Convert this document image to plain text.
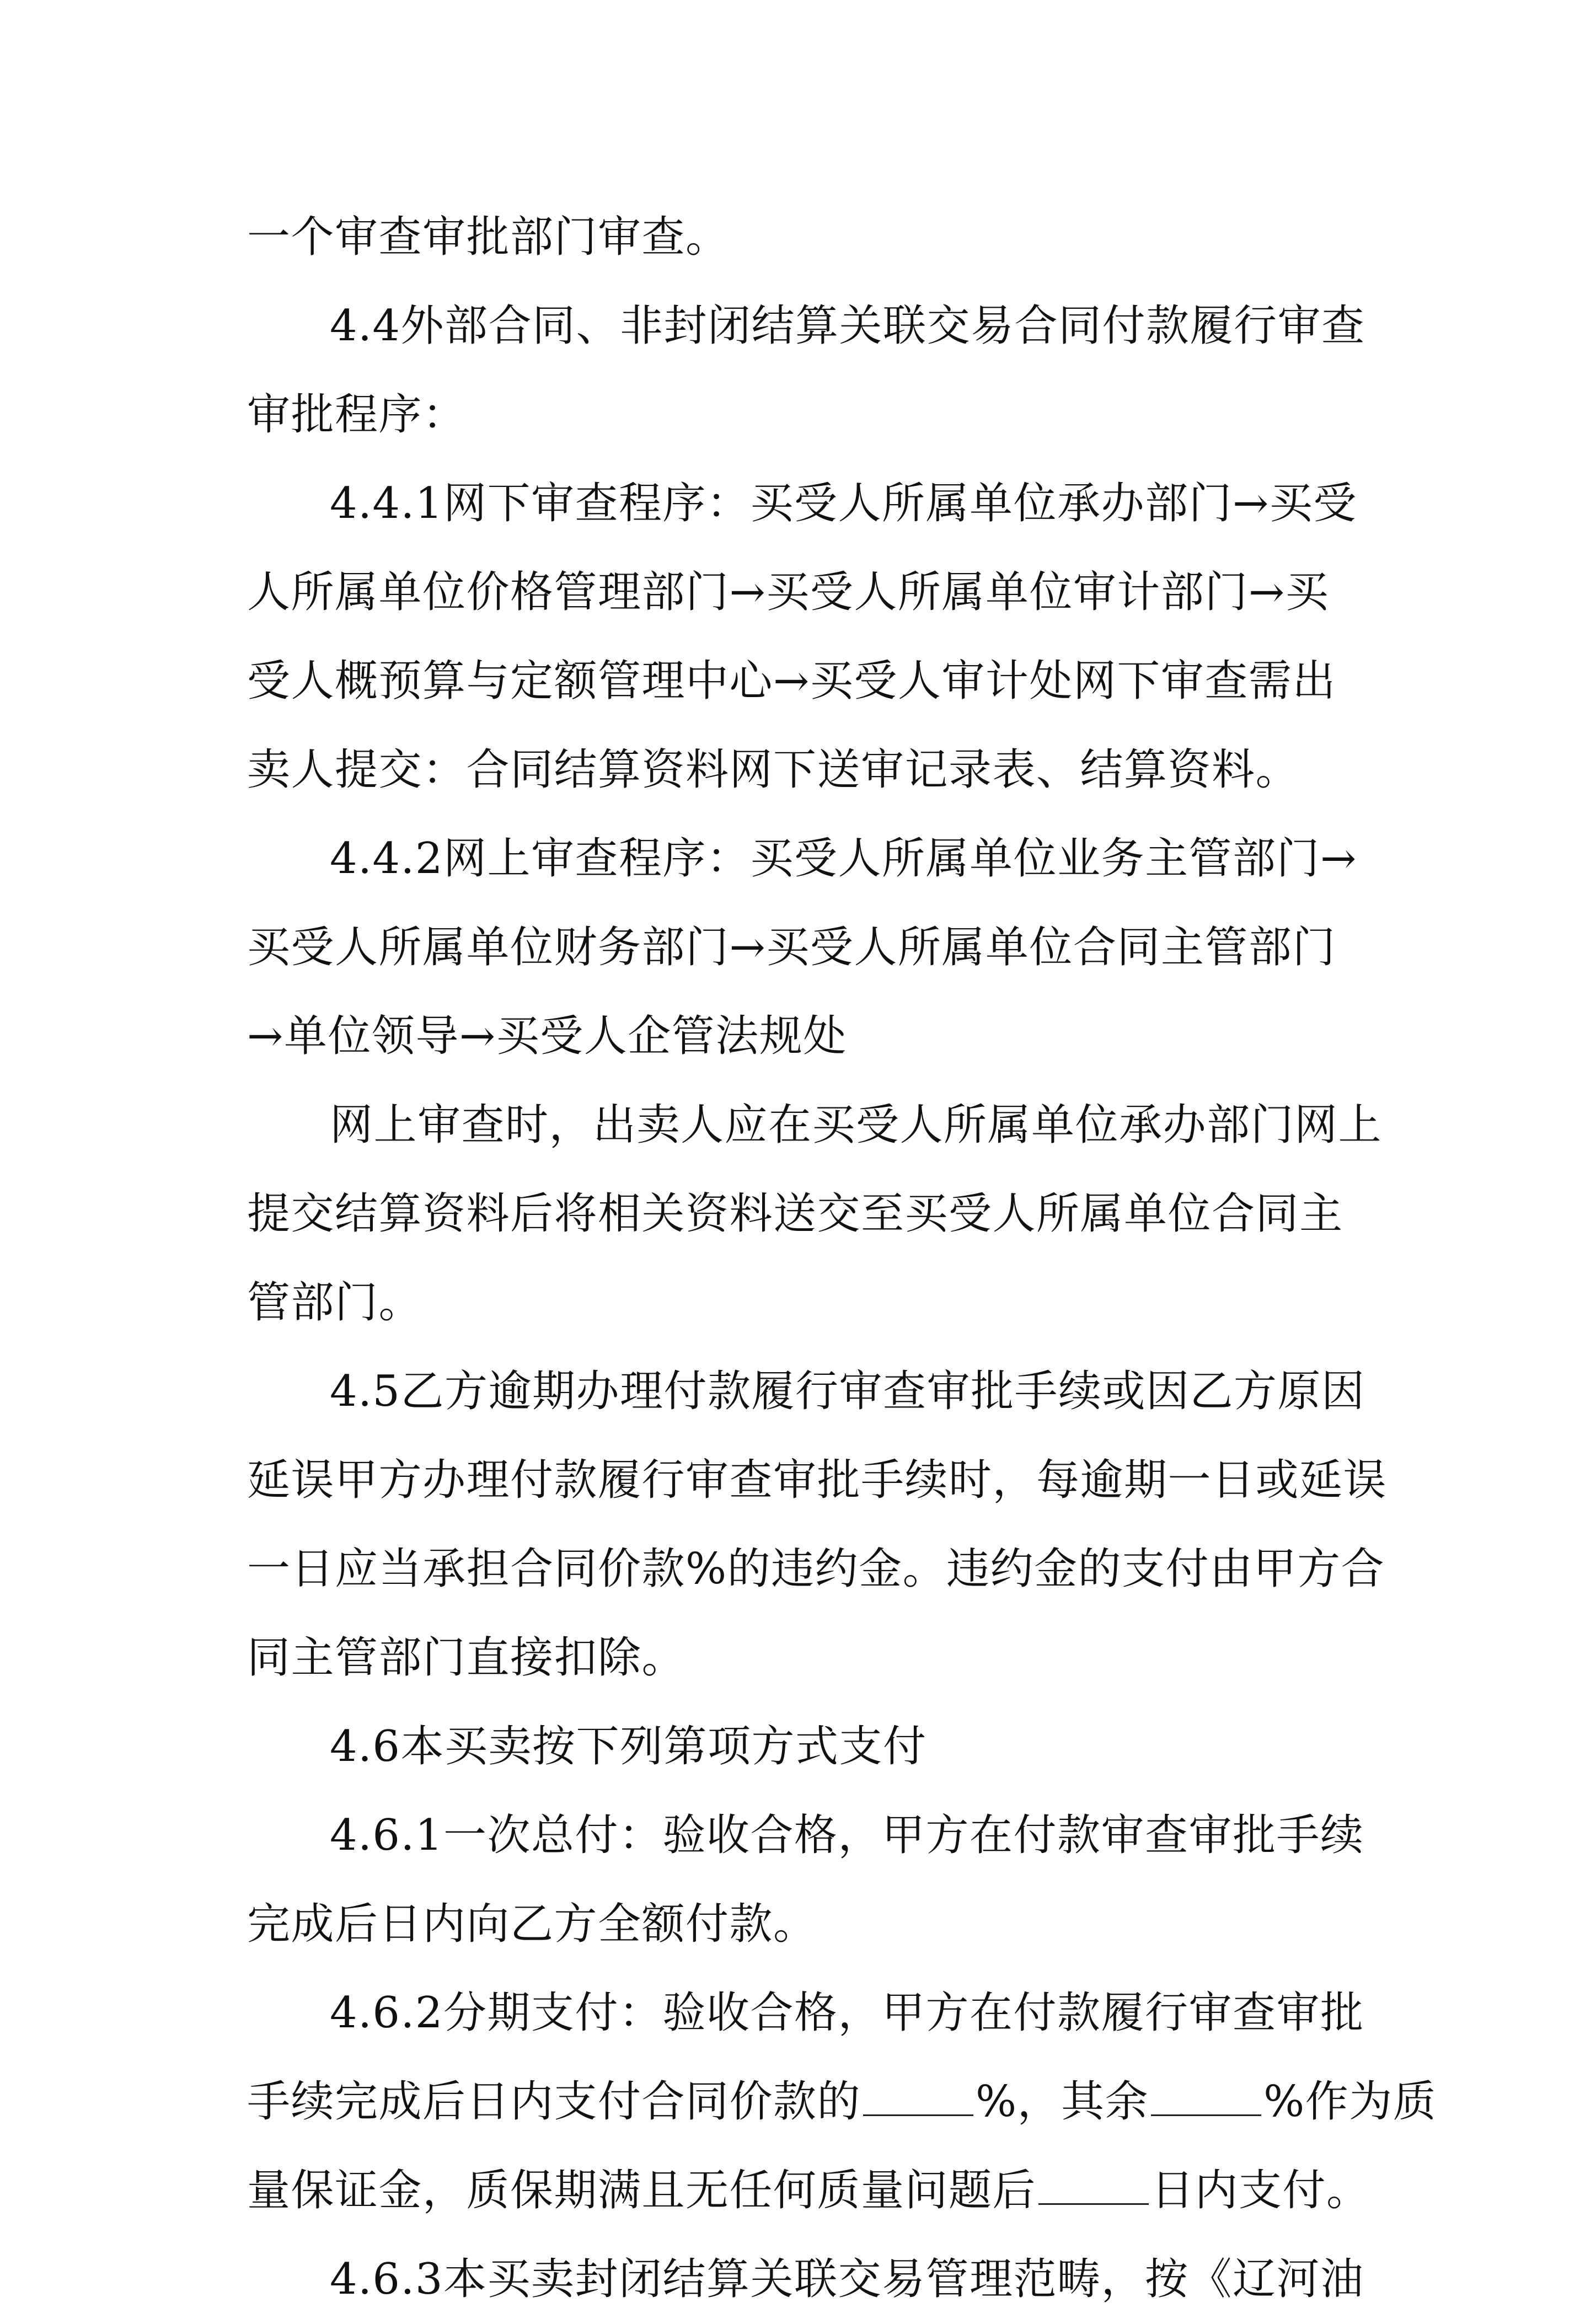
一个审查审批部门审查。
4.4外部合同、非封闭结算关联交易合同付款履行审查
审批程序：
4.4.1网下审查程序：买受人所属单位承办部门→买受
人所属单位价格管理部门→买受人所属单位审计部门→买
受人概预算与定额管理中心→买受人审计处网下审查需出
卖人提交：合同结算资料网下送审记录表、结算资料。
4.4.2网上审查程序：买受人所属单位业务主管部门→
买受人所属单位财务部门→买受人所属单位合同主管部门
→单位领导→买受人企管法规处
网上审查时，出卖人应在买受人所属单位承办部门网上
提交结算资料后将相关资料送交至买受人所属单位合同主
管部门。
4.5乙方逾期办理付款履行审查审批手续或因乙方原因
延误甲方办理付款履行审查审批手续时，每逾期一日或延误
一日应当承担合同价款%的违约金。违约金的支付由甲方合
同主管部门直接扣除。
4.6本买卖按下列第项方式支付
4.6.1一次总付：验收合格，甲方在付款审查审批手续
完成后日内向乙方全额付款。
4.6.2分期支付：验收合格，甲方在付款履行审查审批
手续完成后日内支付合同价款的	%，其余	%作为质
量保证金，质保期满且无任何质量问题后	日内支付。
4.6.3本买卖封闭结算关联交易管理范畴，按《辽河油
